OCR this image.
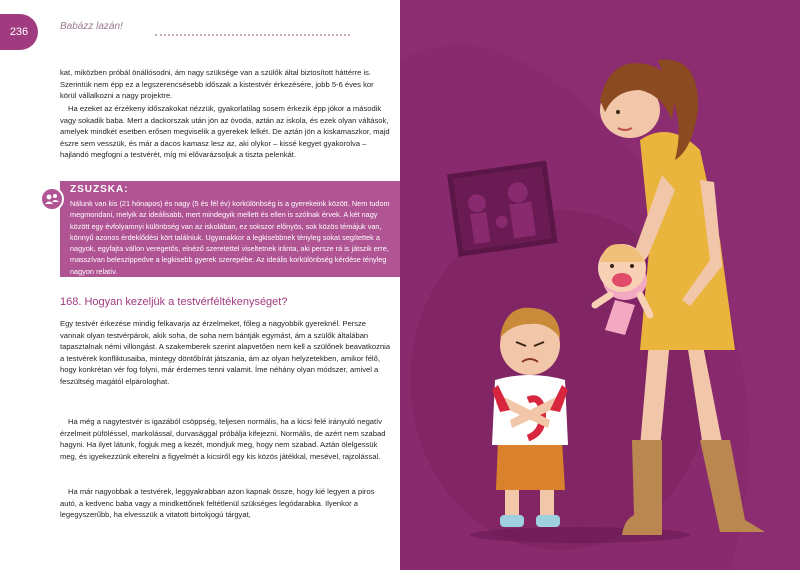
236	Babázz lazán!

kat, miközben próbál önállósodni, ám nagy szüksége van a szülők által biztosított háttérre is. Szerintük nem épp ez a legszerencsésebb időszak a kistestvér érkezésére, jobb 5-6 éves kor körül vállalkozni a nagy projektre.

Ha ezeket az érzékeny időszakokat nézzük, gyakorlatilag sosem érkezik épp jókor a második vagy sokadik baba. Mert a dackorszak után jön az óvoda, aztán az iskola, és ezek olyan váltások, amelyek mindkét esetben erősen megviselik a gyerekek lelkét. De aztán jön a kiskamaszkor, majd észre sem vesszük, és már a dacos kamasz lesz az, aki olykor – kissé kegyet gyakorolva – hajlandó megfogni a testvérét, míg mi elővarázsoljuk a tiszta pelenkát.

ZSUZSKA:

Nálunk van kis (21 hónapos) és nagy (5 és fél év) korkülönbség is a gyerekeink között. Nem tudom megmondani, melyik az ideálisabb, mert mindegyik mellett és ellen is szólnak érvek. A két nagy között egy évfolyamnyi különbség van az iskolában, ez sokszor előnyös, sok közös témájuk van, könnyű azonos érdeklődési kört találniuk. Ugyanakkor a legkisebbnek tényleg sokat segítettek a nagyok, egyfajta vállon veregetős, elnéző szeretettel viseltetnek iránta, aki persze rá is játszik erre, masszívan beleszippedve a legkisebb gyerek szerepébe. Az ideális korkülönbség kérdése tényleg nagyon relatív.

168. Hogyan kezeljük a testvérféltékenységet?

Egy testvér érkezése mindig felkavarja az érzelmeket, főleg a nagyobbik gyereknél. Persze vannak olyan testvérpárok, akik soha, de soha nem bántják egymást, ám a szülők általában tapasztalnak némi villongást. A szakemberek szerint alapvetően nem kell a szülőnek beavatkoznia a testvérek konfliktusaiba, mintegy döntőbírát játszania, ám az olyan helyzetekben, amikor félő, hogy konkrétan vér fog folyni, már érdemes tenni valamit. Íme néhány olyan módszer, amivel a feszültség magától elpárologhat.

Ha még a nagytestvér is igazából csöppség, teljesen normális, ha a kicsi felé irányuló negatív érzelmeit püföléssel, markolással, durvasággal próbálja kifejezni. Normális, de azért nem szabad hagyni. Ha ilyet látunk, fogjuk meg a kezét, mondjuk meg, hogy nem szabad. Aztán ölelgessük meg, és igyekezzünk elterelni a figyelmét a kicsiről egy kis közös játékkal, mesével, rajzolással.

Ha már nagyobbak a testvérek, leggyakrabban azon kapnak össze, hogy kié legyen a piros autó, a kedvenc baba vagy a mindkettőnek feltétlenül szükséges legódarabka. Ilyenkor a legegyszerűbb, ha elvesszük a vitatott birtokjogú tárgyat,
